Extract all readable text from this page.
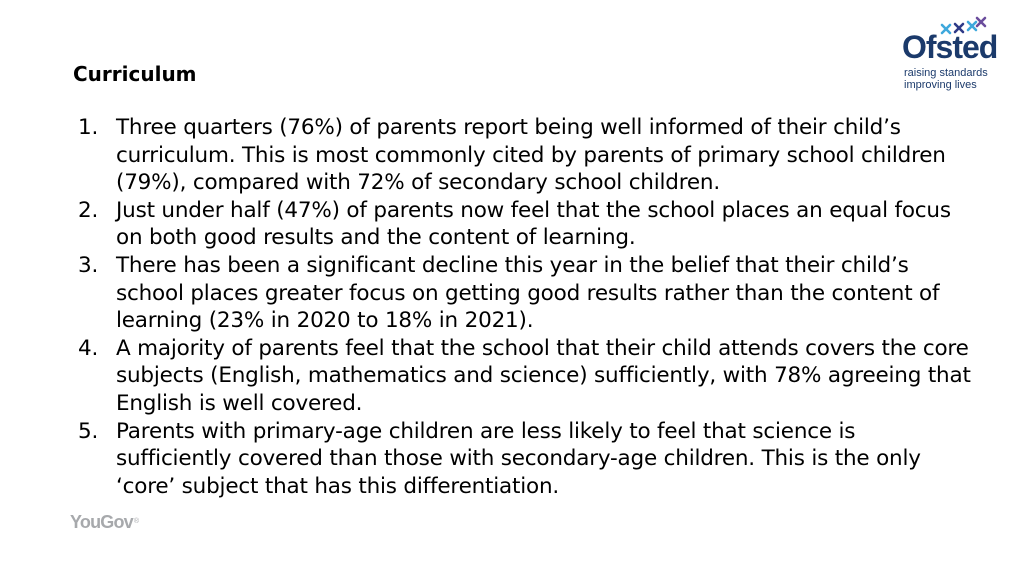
Curriculum
1. Three quarters (76%) of parents report being well informed of their child’s curriculum. This is most commonly cited by parents of primary school children (79%), compared with 72% of secondary school children.
2. Just under half (47%) of parents now feel that the school places an equal focus on both good results and the content of learning.
3. There has been a significant decline this year in the belief that their child’s school places greater focus on getting good results rather than the content of learning (23% in 2020 to 18% in 2021).
4. A majority of parents feel that the school that their child attends covers the core subjects (English, mathematics and science) sufficiently, with 78% agreeing that English is well covered.
5. Parents with primary-age children are less likely to feel that science is sufficiently covered than those with secondary-age children. This is the only ‘core’ subject that has this differentiation.
Ofsted
raising standards
improving lives
YouGov®
